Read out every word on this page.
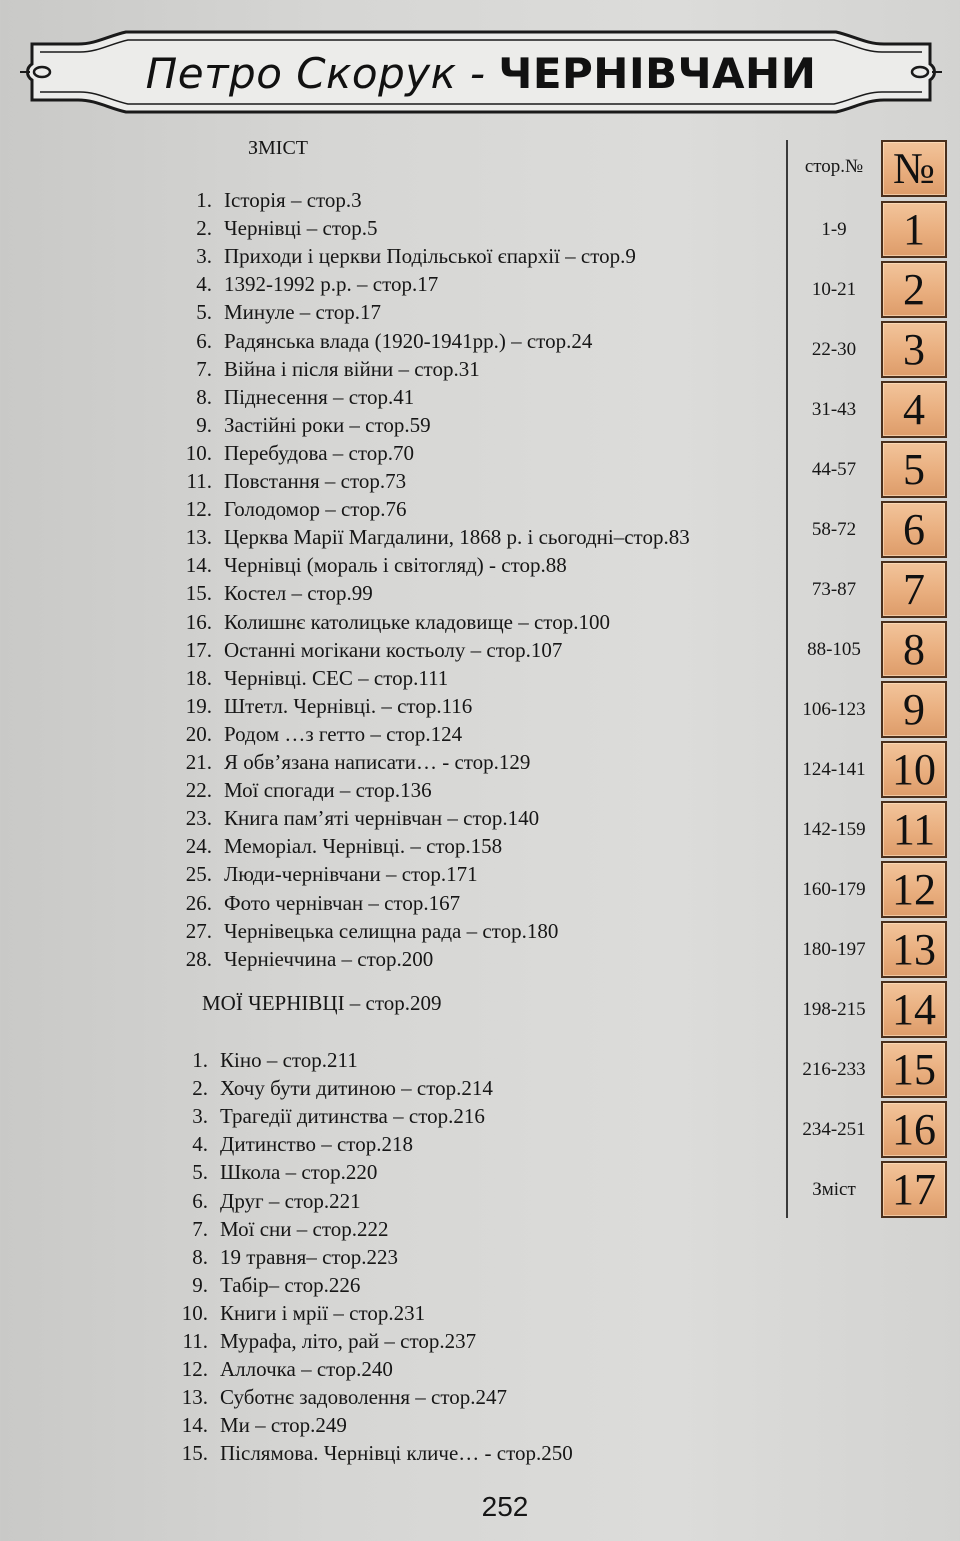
Петро Скорук - ЧЕРНІВЧАНИ
ЗМІСТ
1. Історія – стор.3
2. Чернівці – стор.5
3. Приходи і церкви Подільської єпархії – стор.9
4. 1392-1992 р.р. – стор.17
5. Минуле – стор.17
6. Радянська влада (1920-1941рр.) – стор.24
7. Війна і після війни – стор.31
8. Піднесення – стор.41
9. Застійні роки – стор.59
10. Перебудова – стор.70
11. Повстання – стор.73
12. Голодомор – стор.76
13. Церква Марії Магдалини, 1868 р. і сьогодні–стор.83
14. Чернівці (мораль і світогляд) - стор.88
15. Костел – стор.99
16. Колишнє католицьке кладовище – стор.100
17. Останні могікани костьолу – стор.107
18. Чернівці. СЕС – стор.111
19. Штетл. Чернівці. – стор.116
20. Родом …з гетто – стор.124
21. Я обв’язана написати… - стор.129
22. Мої спогади – стор.136
23. Книга пам’яті чернівчан – стор.140
24. Меморіал. Чернівці. – стор.158
25. Люди-чернівчани – стор.171
26. Фото чернівчан – стор.167
27. Чернівецька селищна рада – стор.180
28. Черніеччина – стор.200
МОЇ ЧЕРНІВЦІ – стор.209
1. Кіно – стор.211
2. Хочу бути дитиною – стор.214
3. Трагедії дитинства – стор.216
4. Дитинство – стор.218
5. Школа – стор.220
6. Друг – стор.221
7. Мої сни – стор.222
8. 19 травня– стор.223
9. Табір– стор.226
10. Книги і мрії – стор.231
11. Мурафа, літо, рай – стор.237
12. Аллочка – стор.240
13. Суботнє задоволення – стор.247
14. Ми – стор.249
15. Післямова. Чернівці кличе… - стор.250
стор.№ №
1-9	1
10-21	2
22-30	3
31-43	4
44-57	5
58-72	6
73-87	7
88-105 8
106-123 9
124-141 10
142-159 11
160-179 12
180-197 13
198-215 14
216-233 15
234-251 16
Зміст 17
252
